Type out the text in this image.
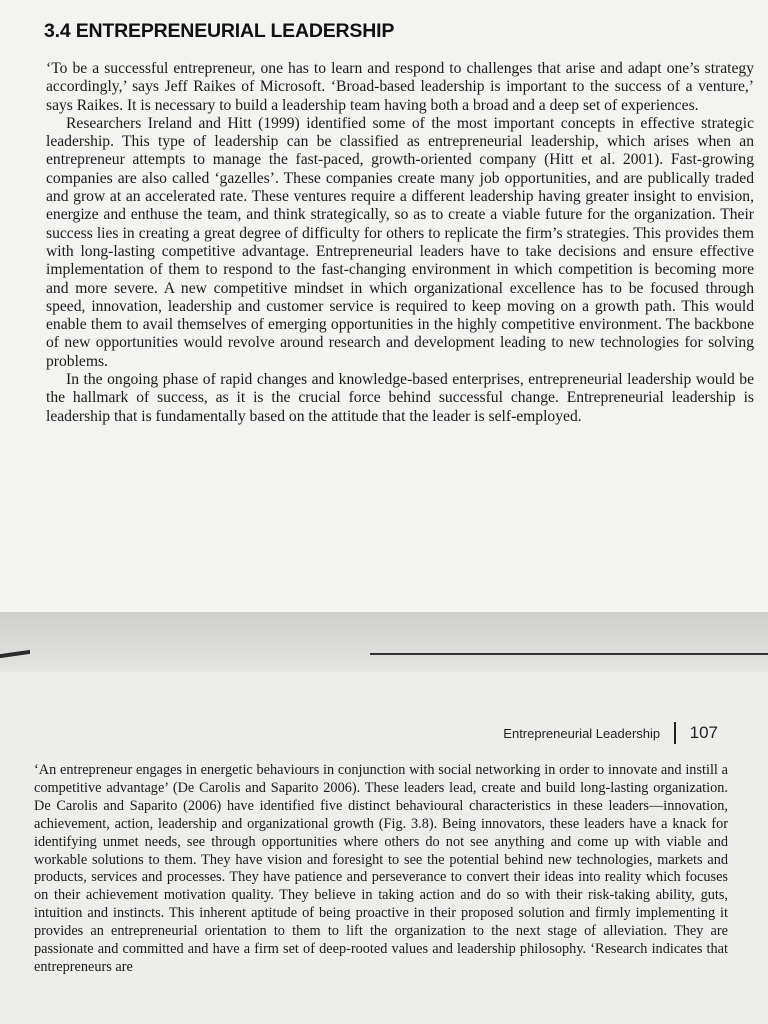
3.4 ENTREPRENEURIAL LEADERSHIP

‘To be a successful entrepreneur, one has to learn and respond to challenges that arise and adapt one’s strategy accordingly,’ says Jeff Raikes of Microsoft. ‘Broad-based leadership is important to the success of a venture,’ says Raikes. It is necessary to build a leadership team having both a broad and a deep set of experiences.

Researchers Ireland and Hitt (1999) identified some of the most important concepts in effective strategic leadership. This type of leadership can be classified as entrepreneurial leadership, which arises when an entrepreneur attempts to manage the fast-paced, growth-oriented company (Hitt et al. 2001). Fast-growing companies are also called ‘gazelles’. These companies create many job opportunities, and are publically traded and grow at an accelerated rate. These ventures require a different leadership having greater insight to envision, energize and enthuse the team, and think strategically, so as to create a viable future for the organization. Their success lies in creating a great degree of difficulty for others to replicate the firm’s strategies. This provides them with long-lasting competitive advantage. Entrepreneurial leaders have to take decisions and ensure effective implementation of them to respond to the fast-changing environment in which competition is becoming more and more severe. A new competitive mindset in which organizational excellence has to be focused through speed, innovation, leadership and customer service is required to keep moving on a growth path. This would enable them to avail themselves of emerging opportunities in the highly competitive environment. The backbone of new opportunities would revolve around research and development leading to new technologies for solving problems.

In the ongoing phase of rapid changes and knowledge-based enterprises, entrepreneurial leadership would be the hallmark of success, as it is the crucial force behind successful change. Entrepreneurial leadership is leadership that is fundamentally based on the attitude that the leader is self-employed.

Entrepreneurial Leadership 107

‘An entrepreneur engages in energetic behaviours in conjunction with social networking in order to innovate and instill a competitive advantage’ (De Carolis and Saparito 2006). These leaders lead, create and build long-lasting organization. De Carolis and Saparito (2006) have identified five distinct behavioural characteristics in these leaders—innovation, achievement, action, leadership and organizational growth (Fig. 3.8). Being innovators, these leaders have a knack for identifying unmet needs, see through opportunities where others do not see anything and come up with viable and workable solutions to them. They have vision and foresight to see the potential behind new technologies, markets and products, services and processes. They have patience and perseverance to convert their ideas into reality which focuses on their achievement motivation quality. They believe in taking action and do so with their risk-taking ability, guts, intuition and instincts. This inherent aptitude of being proactive in their proposed solution and firmly implementing it provides an entrepreneurial orientation to them to lift the organization to the next stage of alleviation. They are passionate and committed and have a firm set of deep-rooted values and leadership philosophy. ‘Research indicates that entrepreneurs are
